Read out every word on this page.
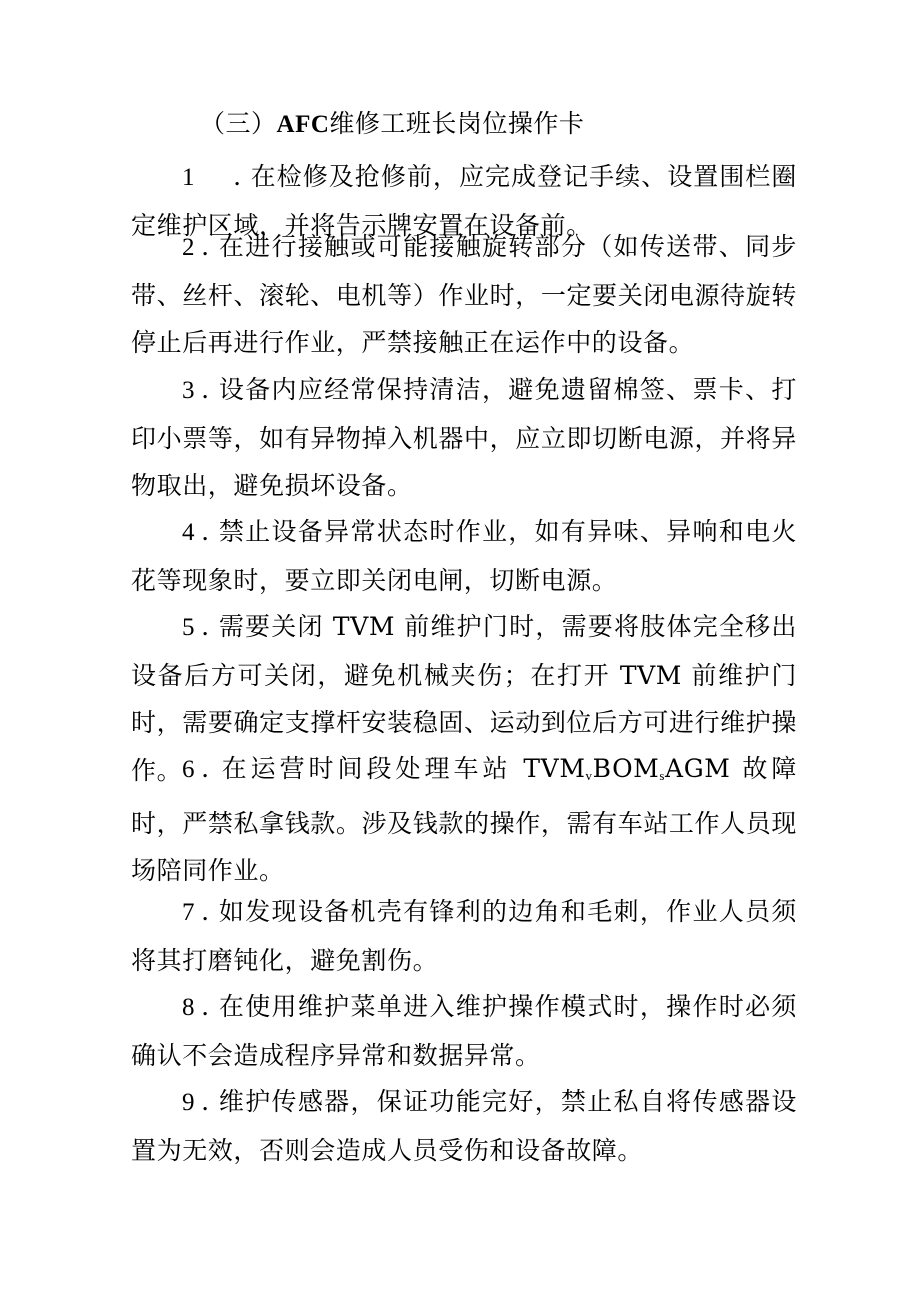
（三）AFC维修工班长岗位操作卡

1 . 在检修及抢修前，应完成登记手续、设置围栏圈定维护区域，并将告示牌安置在设备前。

2 . 在进行接触或可能接触旋转部分（如传送带、同步带、丝杆、滚轮、电机等）作业时，一定要关闭电源待旋转停止后再进行作业，严禁接触正在运作中的设备。

3 . 设备内应经常保持清洁，避免遗留棉签、票卡、打印小票等，如有异物掉入机器中，应立即切断电源，并将异物取出，避免损坏设备。

4 . 禁止设备异常状态时作业，如有异味、异响和电火花等现象时，要立即关闭电闸，切断电源。

5 . 需要关闭 TVM 前维护门时，需要将肢体完全移出设备后方可关闭，避免机械夹伤；在打开 TVM 前维护门时，需要确定支撑杆安装稳固、运动到位后方可进行维护操作。 6 . 在运营时间段处理车站 $TVM_vBOM_sAGM$ 故障时，严禁私拿钱款。涉及钱款的操作，需有车站工作人员现场陪同作业。

7 . 如发现设备机壳有锋利的边角和毛刺，作业人员须将其打磨钝化，避免割伤。

8 . 在使用维护菜单进入维护操作模式时，操作时必须确认不会造成程序异常和数据异常。

9 . 维护传感器，保证功能完好，禁止私自将传感器设置为无效，否则会造成人员受伤和设备故障。
